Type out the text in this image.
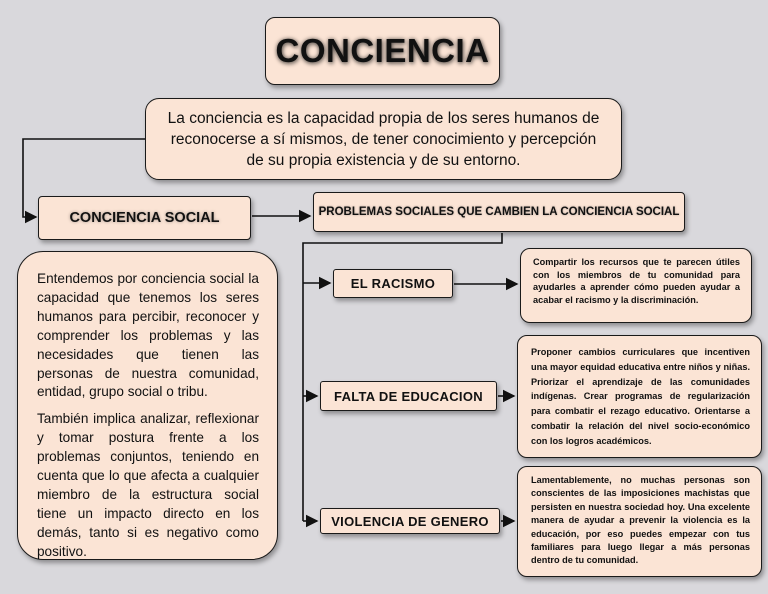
CONCIENCIA
La conciencia es la capacidad propia de los seres humanos de reconocerse a sí mismos, de tener conocimiento y percepción de su propia existencia y de su entorno.
CONCIENCIA SOCIAL	PROBLEMAS SOCIALES QUE CAMBIEN LA CONCIENCIA SOCIAL

Entendemos por conciencia social la capacidad que tenemos los seres humanos para percibir, reconocer y comprender los problemas y las necesidades que tienen las personas de nuestra comunidad, entidad, grupo social o tribu.

También implica analizar, reflexionar y tomar postura frente a los problemas conjuntos, teniendo en cuenta que lo que afecta a cualquier miembro de la estructura social tiene un impacto directo en los demás, tanto si es negativo como positivo.

EL RACISMO
FALTA DE EDUCACION
VIOLENCIA DE GENERO
Compartir los recursos que te parecen útiles con los miembros de tu comunidad para ayudarles a aprender cómo pueden ayudar a acabar el racismo y la discriminación.
Proponer cambios curriculares que incentiven una mayor equidad educativa entre niños y niñas. Priorizar el aprendizaje de las comunidades indígenas. Crear programas de regularización para combatir el rezago educativo. Orientarse a combatir la relación del nivel socio-económico con los logros académicos.
Lamentablemente, no muchas personas son conscientes de las imposiciones machistas que persisten en nuestra sociedad hoy. Una excelente manera de ayudar a prevenir la violencia es la educación, por eso puedes empezar con tus familiares para luego llegar a más personas dentro de tu comunidad.
